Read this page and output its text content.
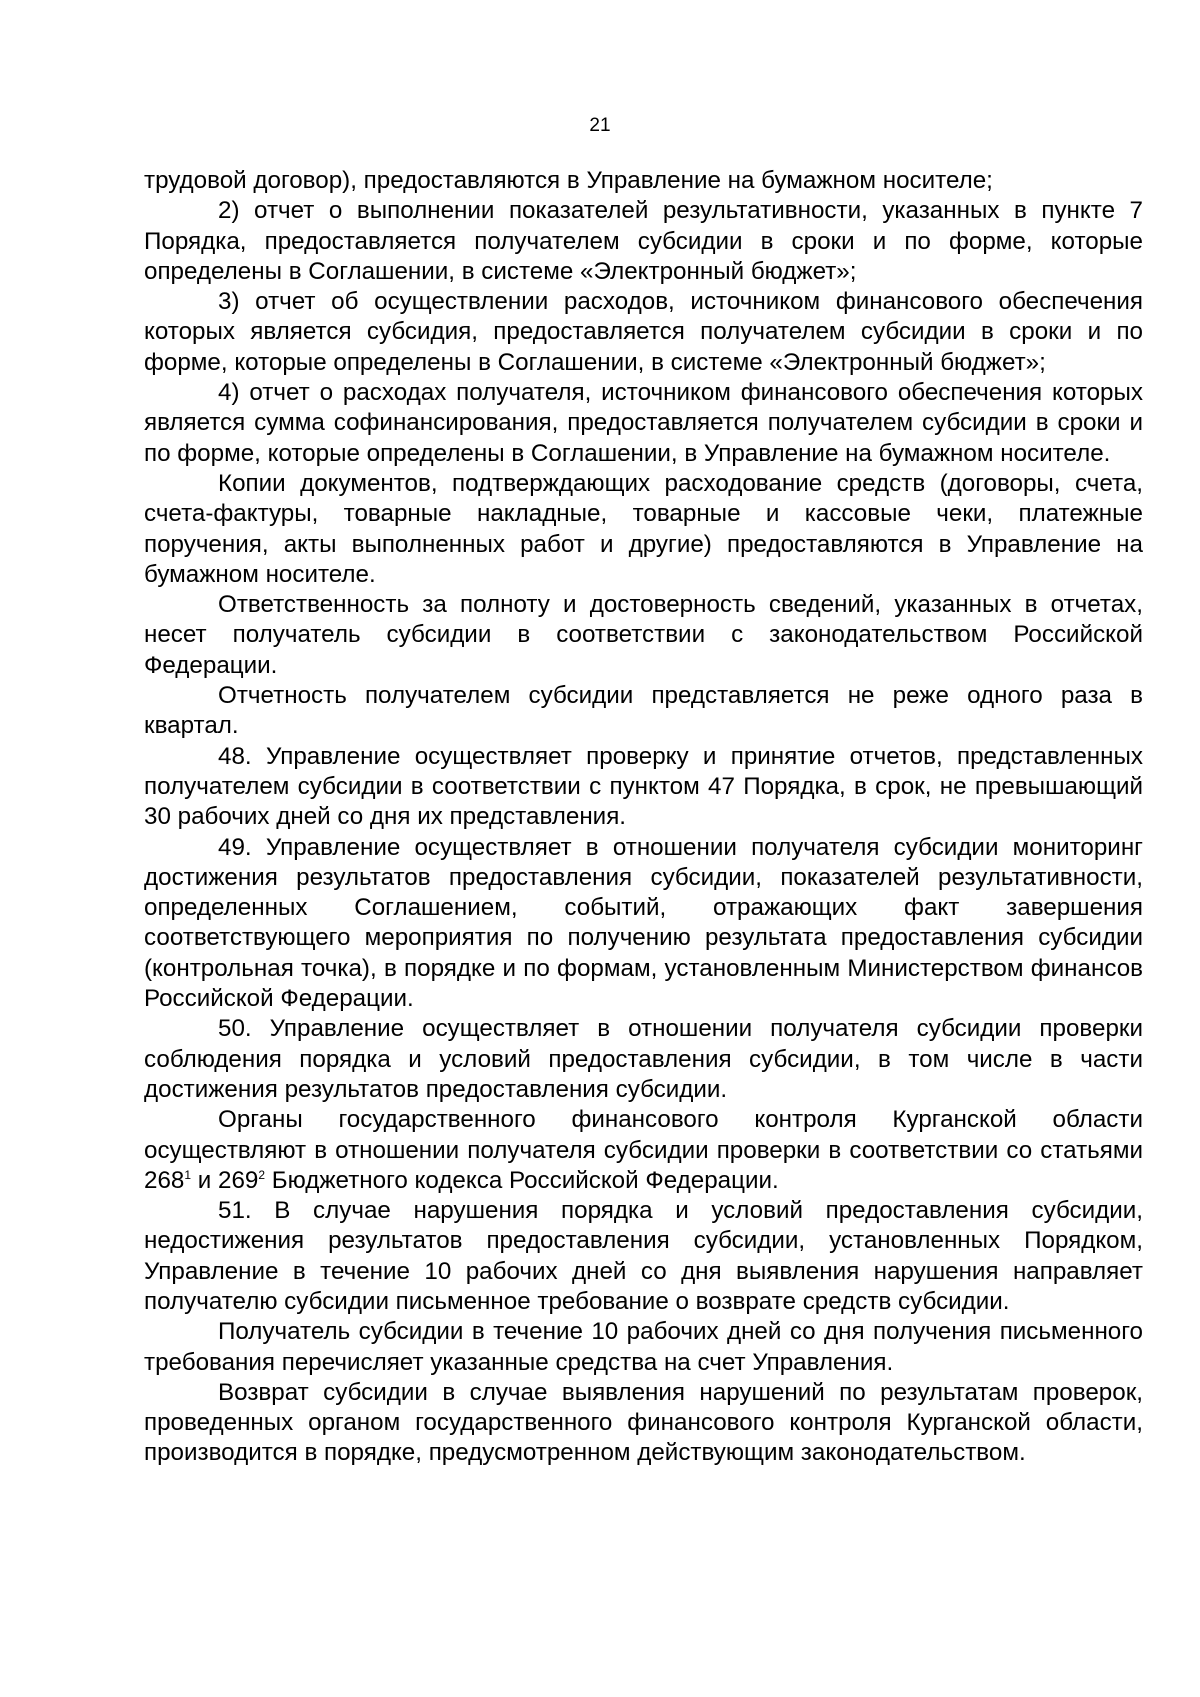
21

трудовой договор), предоставляются в Управление на бумажном носителе;

2) отчет о выполнении показателей результативности, указанных в пункте 7 Порядка, предоставляется получателем субсидии в сроки и по форме, которые определены в Соглашении, в системе «Электронный бюджет»;

3) отчет об осуществлении расходов, источником финансового обеспечения которых является субсидия, предоставляется получателем субсидии в сроки и по форме, которые определены в Соглашении, в системе «Электронный бюджет»;

4) отчет о расходах получателя, источником финансового обеспечения которых является сумма софинансирования, предоставляется получателем субсидии в сроки и по форме, которые определены в Соглашении, в Управление на бумажном носителе.

Копии документов, подтверждающих расходование средств (договоры, счета, счета-фактуры, товарные накладные, товарные и кассовые чеки, платежные поручения, акты выполненных работ и другие) предоставляются в Управление на бумажном носителе.

Ответственность за полноту и достоверность сведений, указанных в отчетах, несет получатель субсидии в соответствии с законодательством Российской Федерации.

Отчетность получателем субсидии представляется не реже одного раза в квартал.

48. Управление осуществляет проверку и принятие отчетов, представленных получателем субсидии в соответствии с пунктом 47 Порядка, в срок, не превышающий 30 рабочих дней со дня их представления.

49. Управление осуществляет в отношении получателя субсидии мониторинг достижения результатов предоставления субсидии, показателей результативности, определенных Соглашением, событий, отражающих факт завершения соответствующего мероприятия по получению результата предоставления субсидии (контрольная точка), в порядке и по формам, установленным Министерством финансов Российской Федерации.

50. Управление осуществляет в отношении получателя субсидии проверки соблюдения порядка и условий предоставления субсидии, в том числе в части достижения результатов предоставления субсидии.

Органы государственного финансового контроля Курганской области осуществляют в отношении получателя субсидии проверки в соответствии со статьями $268^1$ и $269^2$ Бюджетного кодекса Российской Федерации.

51. В случае нарушения порядка и условий предоставления субсидии, недостижения результатов предоставления субсидии, установленных Порядком, Управление в течение 10 рабочих дней со дня выявления нарушения направляет получателю субсидии письменное требование о возврате средств субсидии.

Получатель субсидии в течение 10 рабочих дней со дня получения письменного требования перечисляет указанные средства на счет Управления.

Возврат субсидии в случае выявления нарушений по результатам проверок, проведенных органом государственного финансового контроля Курганской области, производится в порядке, предусмотренном действующим законодательством.
